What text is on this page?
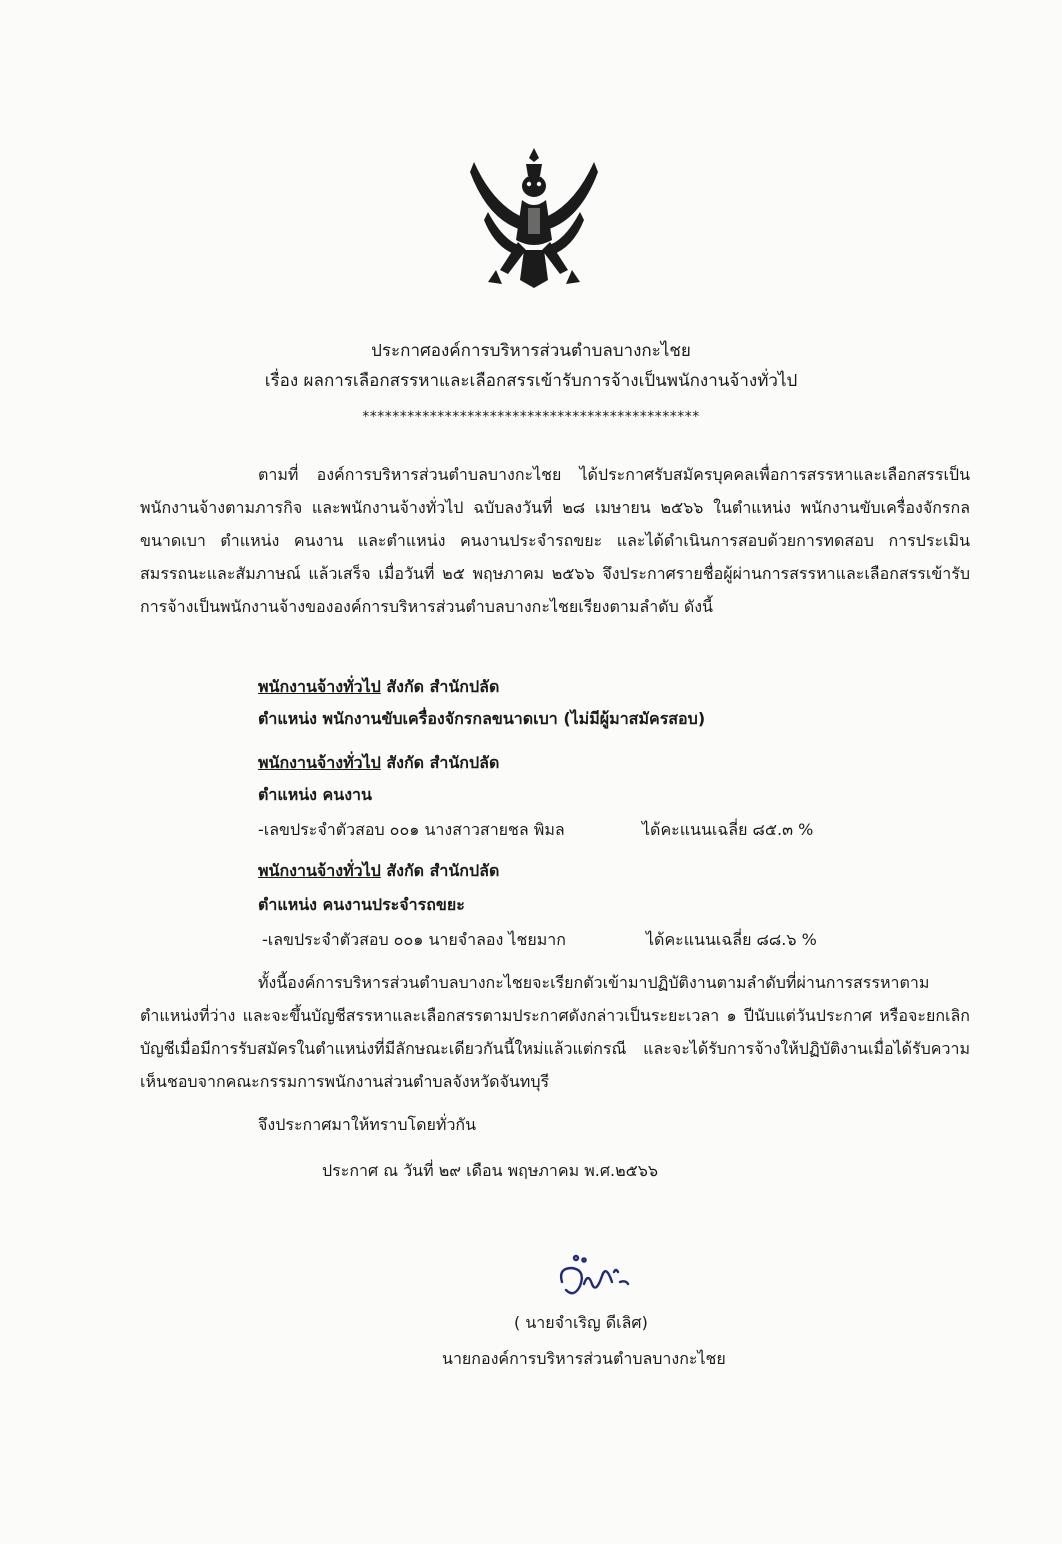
ประกาศองค์การบริหารส่วนตำบลบางกะไชย
เรื่อง ผลการเลือกสรรหาและเลือกสรรเข้ารับการจ้างเป็นพนักงานจ้างทั่วไป
*********************************************
ตามที่ องค์การบริหารส่วนตำบลบางกะไชย ได้ประกาศรับสมัครบุคคลเพื่อการสรรหาและเลือกสรรเป็นพนักงานจ้างตามภารกิจ และพนักงานจ้างทั่วไป ฉบับลงวันที่ ๒๘ เมษายน ๒๕๖๖ ในตำแหน่ง พนักงานขับเครื่องจักรกลขนาดเบา ตำแหน่ง คนงาน และตำแหน่ง คนงานประจำรถขยะ และได้ดำเนินการสอบด้วยการทดสอบ การประเมินสมรรถนะและสัมภาษณ์ แล้วเสร็จ เมื่อวันที่ ๒๕ พฤษภาคม ๒๕๖๖ จึงประกาศรายชื่อผู้ผ่านการสรรหาและเลือกสรรเข้ารับการจ้างเป็นพนักงานจ้างขององค์การบริหารส่วนตำบลบางกะไชยเรียงตามลำดับ ดังนี้
พนักงานจ้างทั่วไป สังกัด สำนักปลัด
ตำแหน่ง พนักงานขับเครื่องจักรกลขนาดเบา (ไม่มีผู้มาสมัครสอบ)
พนักงานจ้างทั่วไป สังกัด สำนักปลัด
ตำแหน่ง คนงาน
-เลขประจำตัวสอบ ๐๐๑ นางสาวสายชล พิมล	ได้คะแนนเฉลี่ย ๘๕.๓ %
พนักงานจ้างทั่วไป สังกัด สำนักปลัด
ตำแหน่ง คนงานประจำรถขยะ
-เลขประจำตัวสอบ ๐๐๑ นายจำลอง ไชยมาก	ได้คะแนนเฉลี่ย ๘๘.๖ %
ทั้งนี้องค์การบริหารส่วนตำบลบางกะไชยจะเรียกตัวเข้ามาปฏิบัติงานตามลำดับที่ผ่านการสรรหาตามตำแหน่งที่ว่าง และจะขึ้นบัญชีสรรหาและเลือกสรรตามประกาศดังกล่าวเป็นระยะเวลา ๑ ปีนับแต่วันประกาศ หรือจะยกเลิกบัญชีเมื่อมีการรับสมัครในตำแหน่งที่มีลักษณะเดียวกันนี้ใหม่แล้วแต่กรณี และจะได้รับการจ้างให้ปฏิบัติงานเมื่อได้รับความเห็นชอบจากคณะกรรมการพนักงานส่วนตำบลจังหวัดจันทบุรี
จึงประกาศมาให้ทราบโดยทั่วกัน
ประกาศ ณ วันที่ ๒๙ เดือน พฤษภาคม พ.ศ.๒๕๖๖
( นายจำเริญ ดีเลิศ)
นายกองค์การบริหารส่วนตำบลบางกะไชย
